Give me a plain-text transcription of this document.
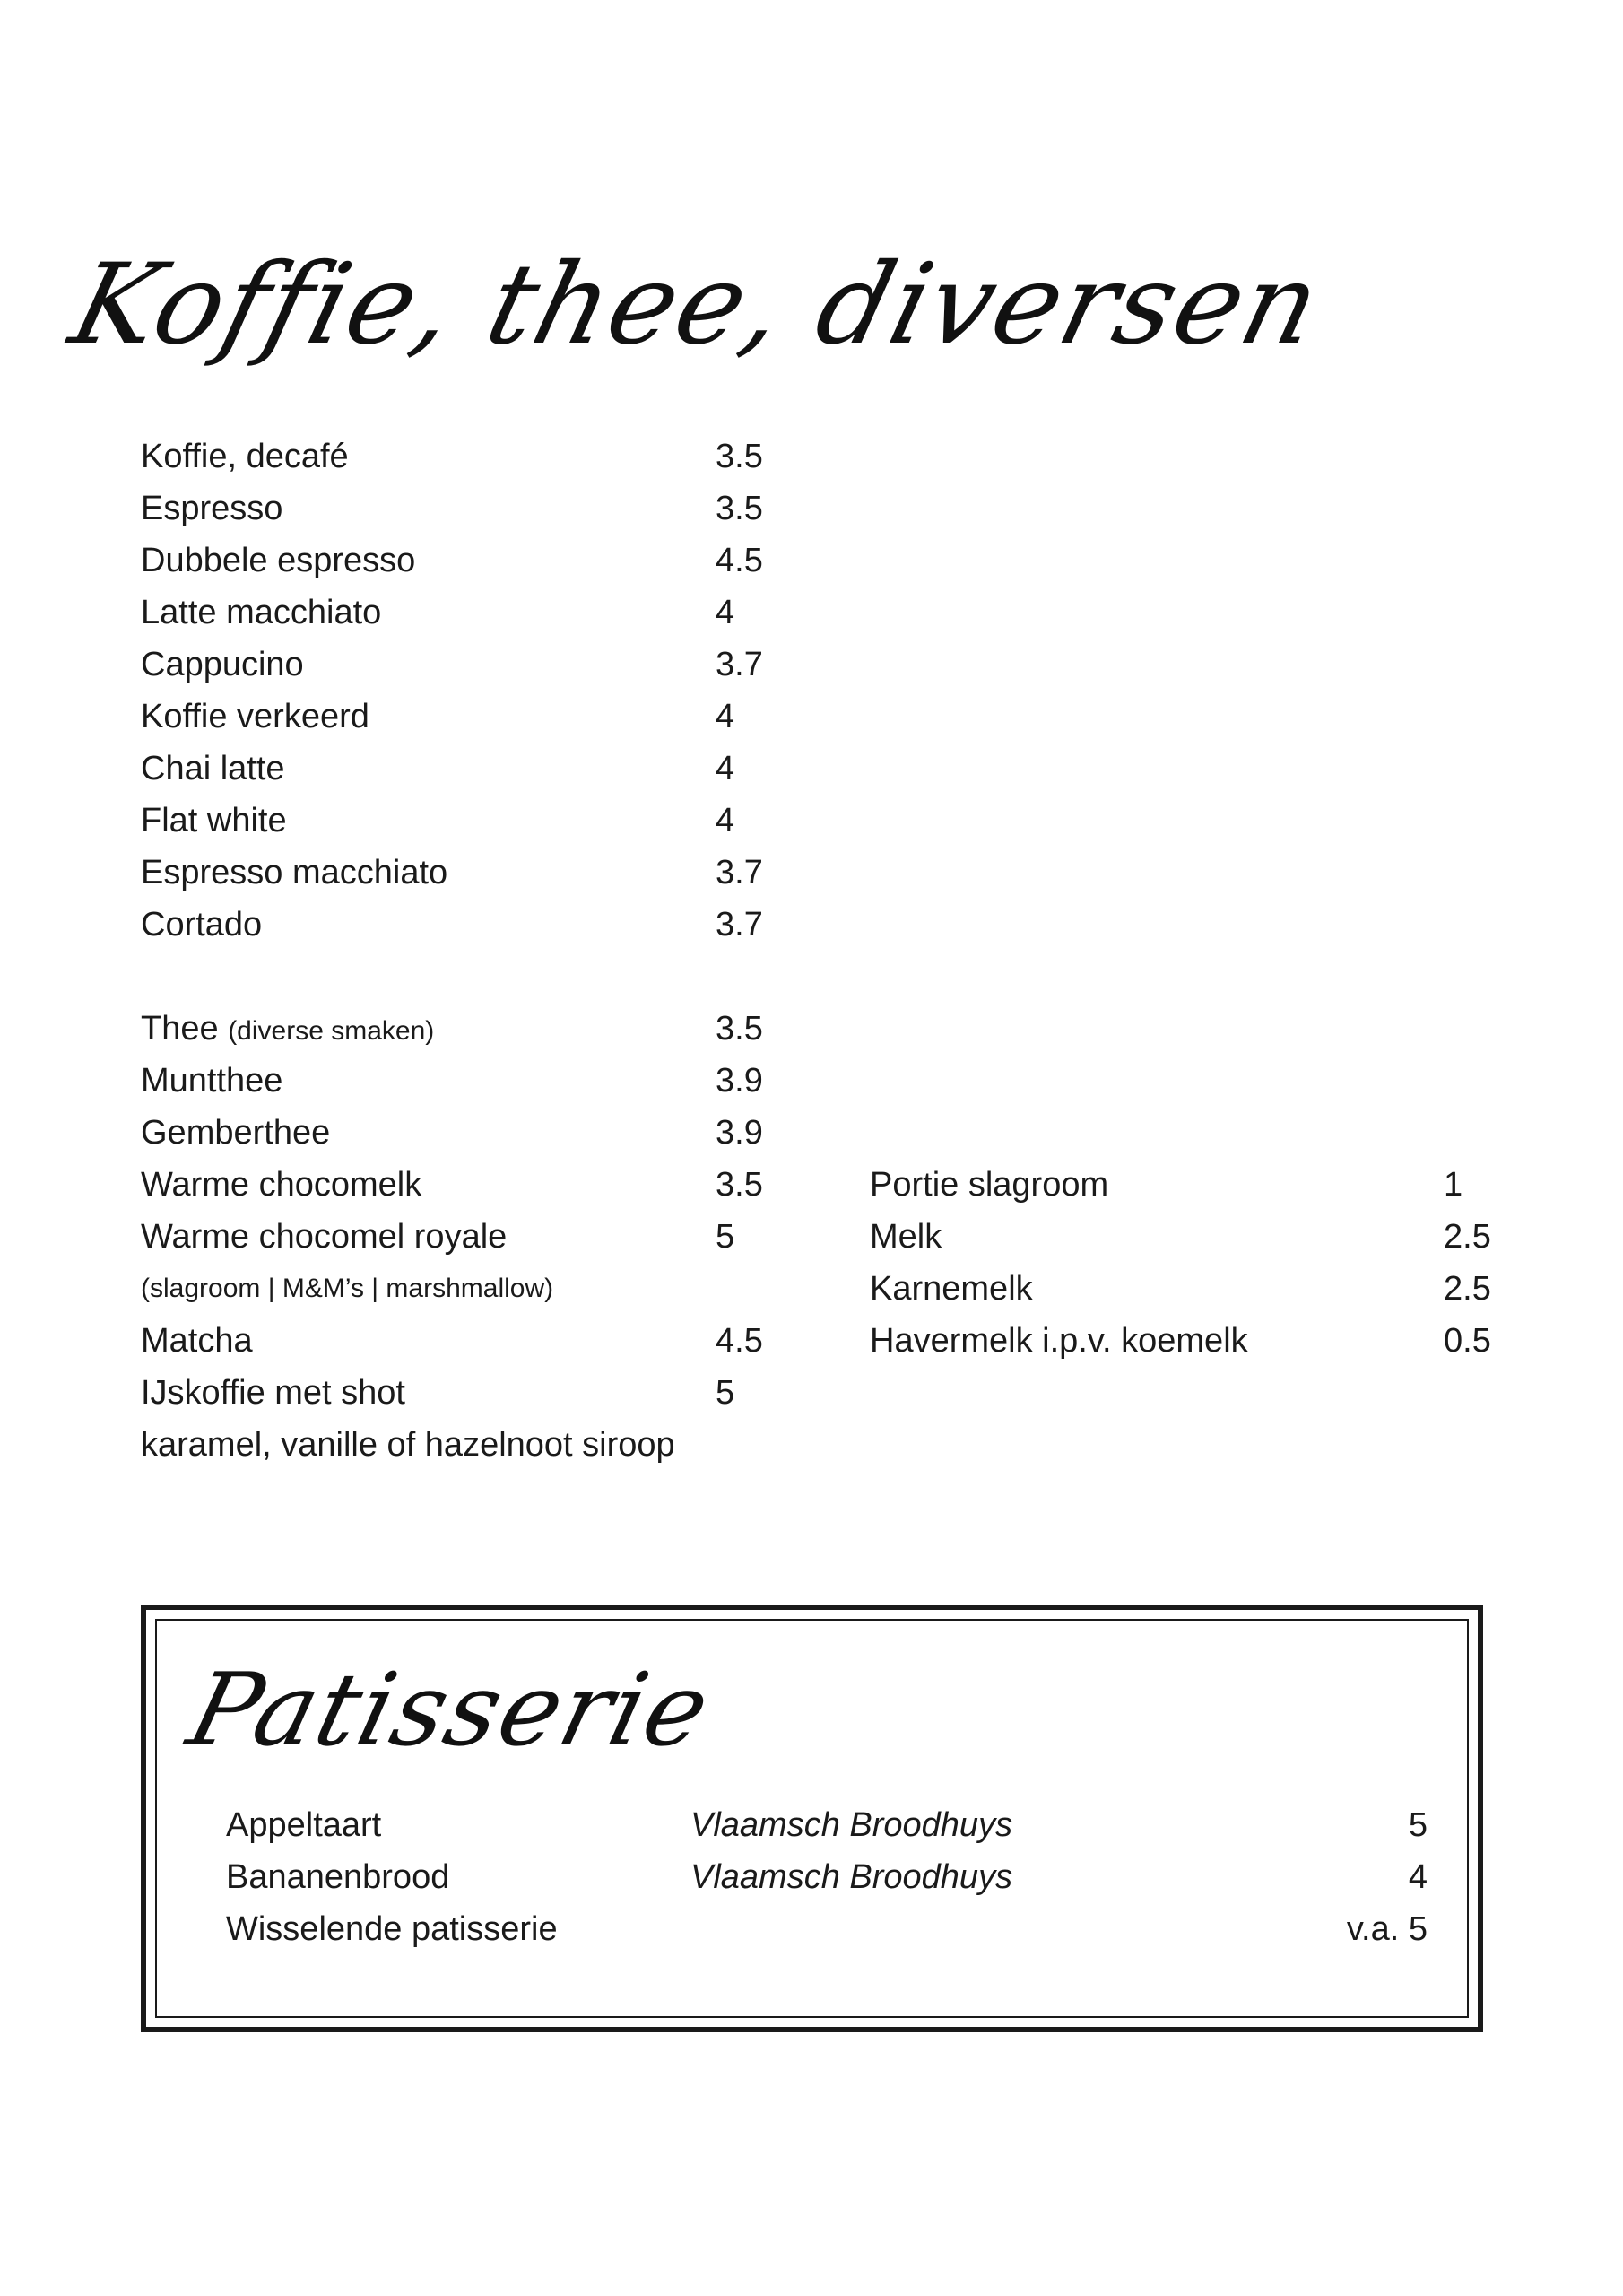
Koffie, thee, diversen
Koffie, decafé	3.5
Espresso	3.5
Dubbele espresso	4.5
Latte macchiato	4
Cappucino	3.7
Koffie verkeerd	4
Chai latte	4
Flat white	4
Espresso macchiato	3.7
Cortado	3.7
Thee (diverse smaken)	3.5
Muntthee	3.9
Gemberthee	3.9
Warme chocomelk	3.5
Warme chocomel royale	5
(slagroom | M&M’s | marshmallow)
Matcha	4.5
IJskoffie met shot	5
karamel, vanille of hazelnoot siroop
Portie slagroom	1
Melk	2.5
Karnemelk	2.5
Havermelk i.p.v. koemelk	0.5
Patisserie
Appeltaart	Vlaamsch Broodhuys	5
Bananenbrood	Vlaamsch Broodhuys	4
Wisselende patisserie	v.a. 5
